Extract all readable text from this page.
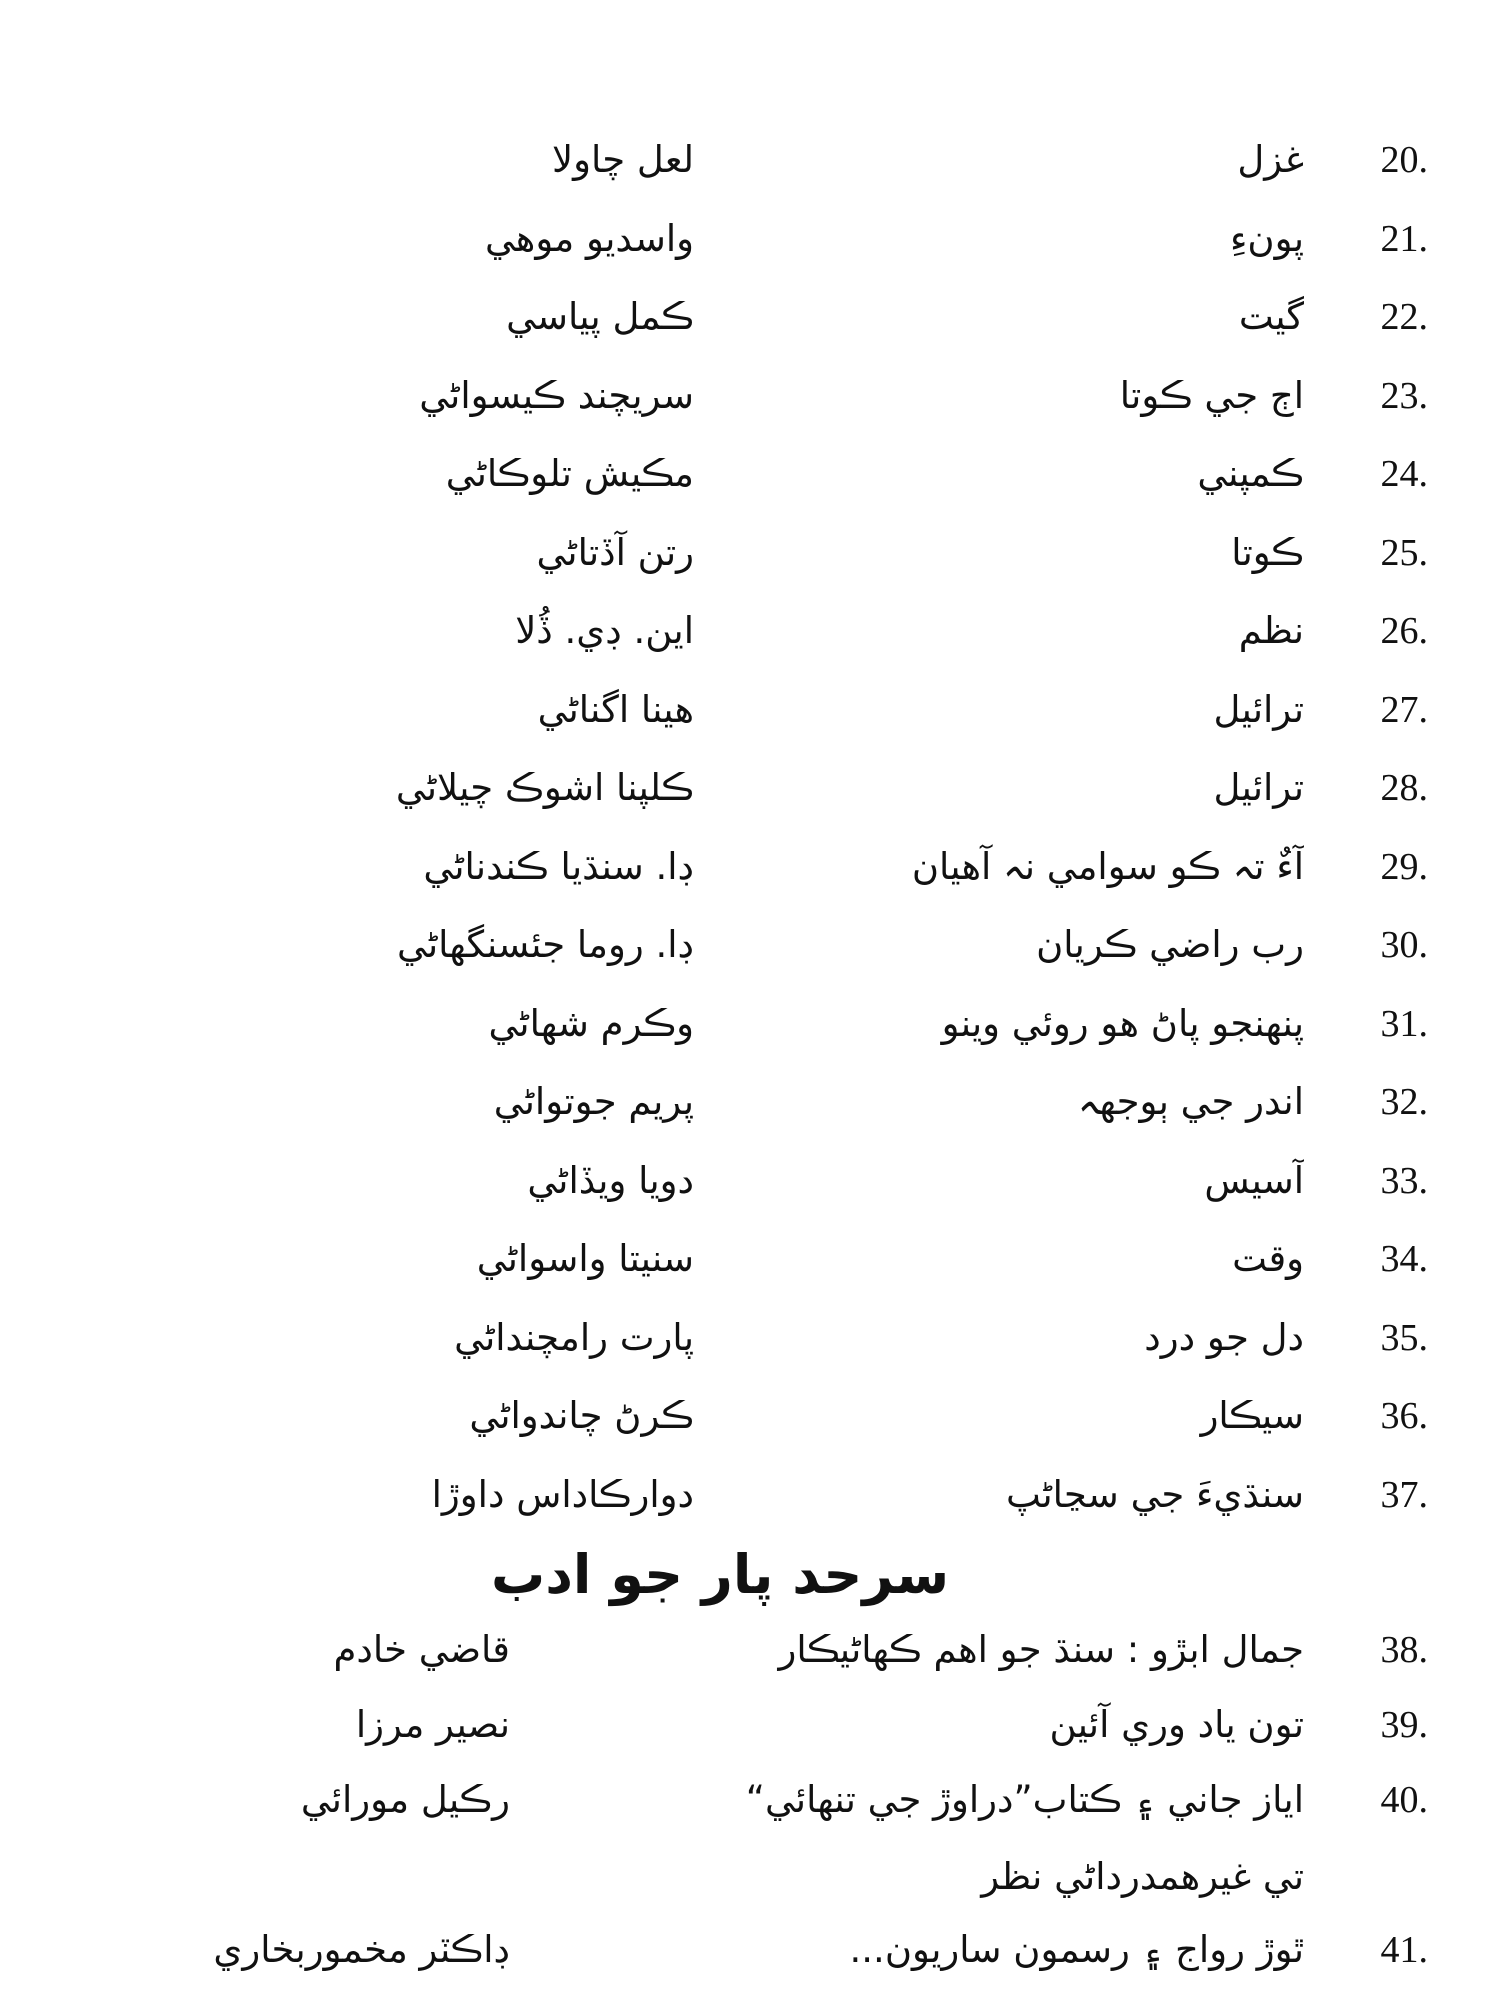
20.
غزل
لعل چاولا
21.
پونءِ
واسديو موهي
22.
گيت
ڪمل پياسي
23.
اڄ جي ڪوتا
سريچند ڪيسواڻي
24.
ڪمپني
مڪيش تلوڪاڻي
25.
ڪوتا
رتن آڏتاڻي
26.
نظم
اين. ڊي. ڏُلا
27.
ترائيل
هينا اگناڻي
28.
ترائيل
ڪلپنا اشوڪ چيلاڻي
29.
آءٌ تہ ڪو سوامي نہ آهيان
ڊا. سنڌيا ڪندناڻي
30.
رب راضي ڪريان
ڊا. روما جئسنگهاڻي
31.
پنهنجو پاڻ هو روئي وينو
وڪرم شهاڻي
32.
اندر جي ٻوجهہ
پريم جوتواڻي
33.
آسيس
دويا ويڏاڻي
34.
وقت
سنيتا واسواڻي
35.
دل جو درد
پارت رامچنداڻي
36.
سيڪار
ڪرڻ چاندواڻي
37.
سنڌيءَ جي سڃاڻپ
دوارڪاداس داوڙا
سرحد پار جو ادب
38.
جمال ابڙو : سنڌ جو اهم ڪهاڻيڪار
قاضي خادم
39.
تون ياد وري آئين
نصير مرزا
40.
اياز جاني ۽ ڪتاب”دراوڙ جي تنهائي“
رڪيل مورائي
تي غيرهمدرداڻي نظر
41.
ٿوڙ رواج ۽ رسمون ساريون...
ڊاڪٽر مخموربخاري
